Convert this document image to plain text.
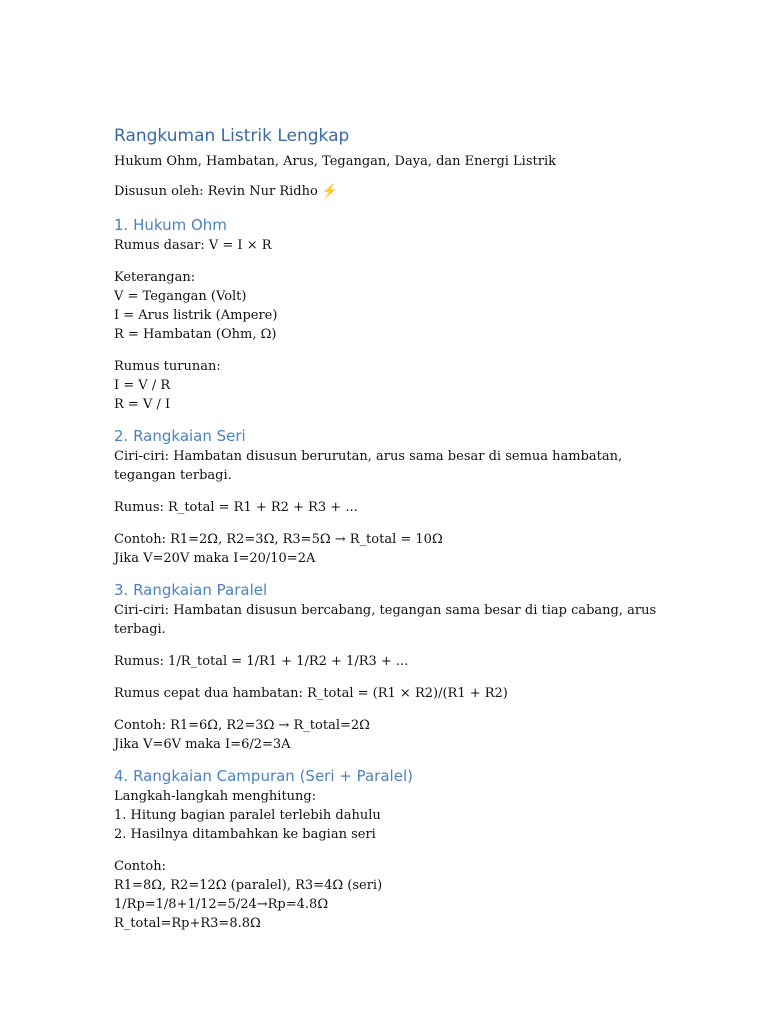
Rangkuman Listrik Lengkap

Hukum Ohm, Hambatan, Arus, Tegangan, Daya, dan Energi Listrik

Disusun oleh: Revin Nur Ridho ⚡

1. Hukum Ohm
Rumus dasar: V = I × R
Keterangan:
V = Tegangan (Volt)
I = Arus listrik (Ampere)
R = Hambatan (Ohm, Ω)
Rumus turunan:
I = V / R
R = V / I
2. Rangkaian Seri
Ciri-ciri: Hambatan disusun berurutan, arus sama besar di semua hambatan, tegangan terbagi.
Rumus: R_total = R1 + R2 + R3 + ...
Contoh: R1=2Ω, R2=3Ω, R3=5Ω → R_total = 10Ω
Jika V=20V maka I=20/10=2A
3. Rangkaian Paralel
Ciri-ciri: Hambatan disusun bercabang, tegangan sama besar di tiap cabang, arus terbagi.
Rumus: 1/R_total = 1/R1 + 1/R2 + 1/R3 + ...
Rumus cepat dua hambatan: R_total = (R1 × R2)/(R1 + R2)
Contoh: R1=6Ω, R2=3Ω → R_total=2Ω
Jika V=6V maka I=6/2=3A
4. Rangkaian Campuran (Seri + Paralel)
Langkah-langkah menghitung:
1. Hitung bagian paralel terlebih dahulu
2. Hasilnya ditambahkan ke bagian seri
Contoh:
R1=8Ω, R2=12Ω (paralel), R3=4Ω (seri)
1/Rp=1/8+1/12=5/24→Rp=4.8Ω
R_total=Rp+R3=8.8Ω
